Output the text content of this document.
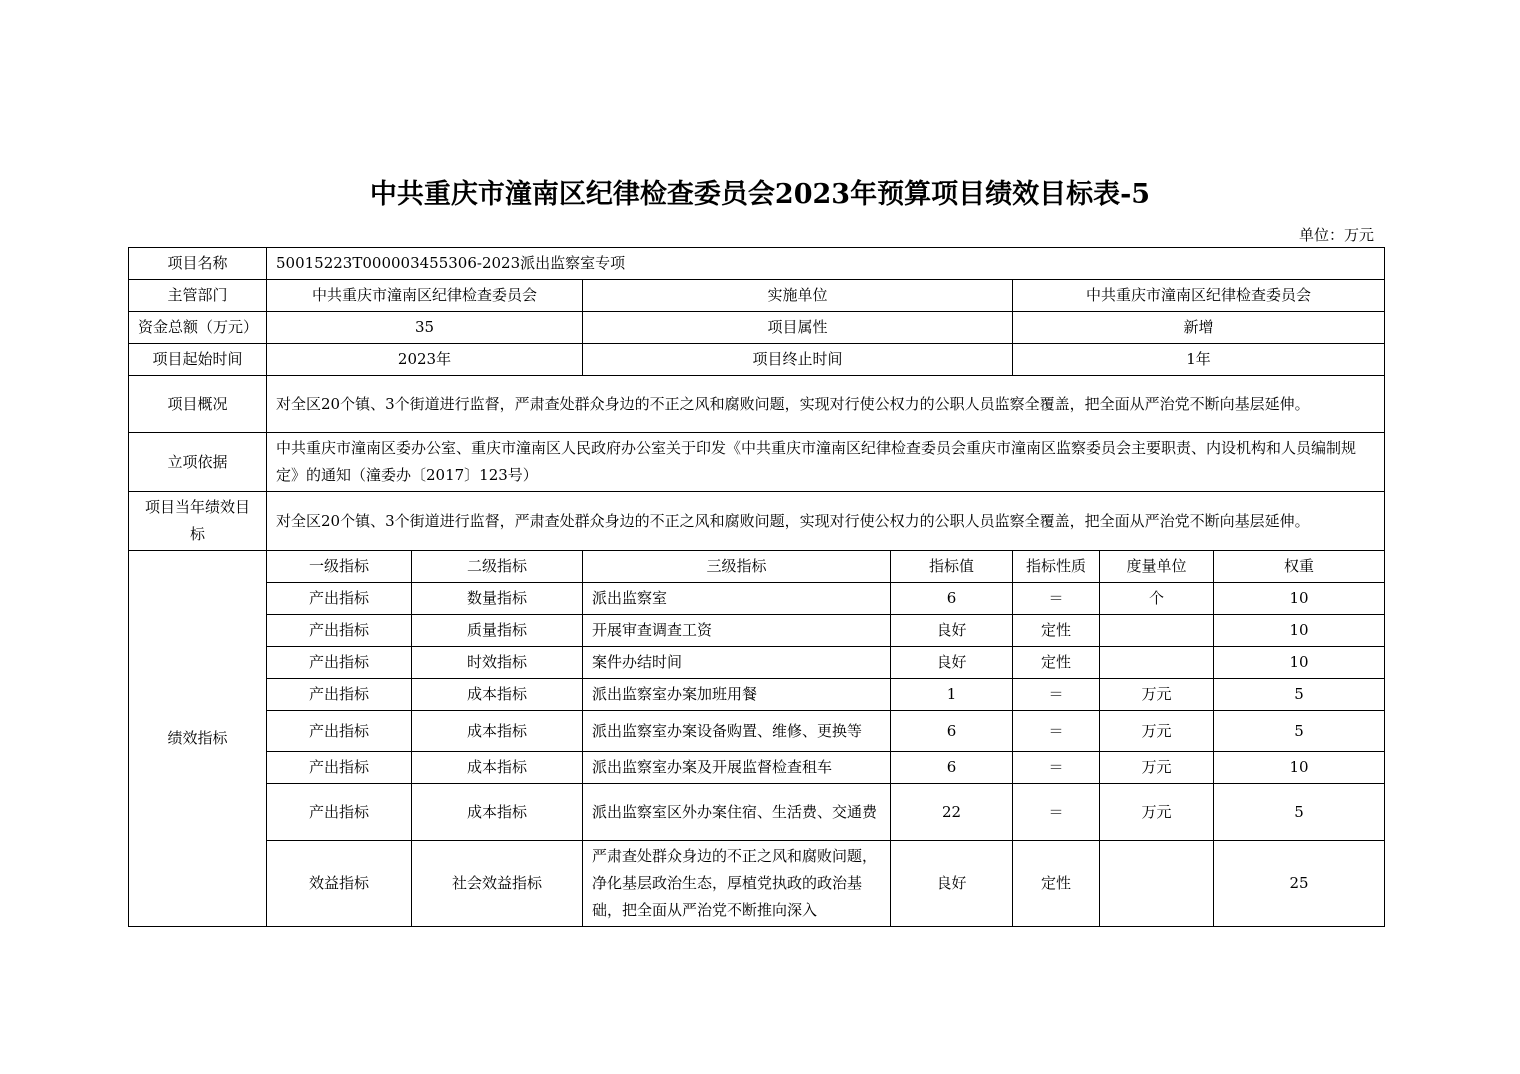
中共重庆市潼南区纪律检查委员会2023年预算项目绩效目标表-5
单位：万元
项目名称	50015223T000003455306-2023派出监察室专项						
主管部门	中共重庆市潼南区纪律检查委员会		实施单位		中共重庆市潼南区纪律检查委员会		
资金总额（万元）	35		项目属性		新增		
项目起始时间	2023年		项目终止时间		1年		
项目概况	对全区20个镇、3个街道进行监督，严肃查处群众身边的不正之风和腐败问题，实现对行使公权力的公职人员监察全覆盖，把全面从严治党不断向基层延伸。						
立项依据	中共重庆市潼南区委办公室、重庆市潼南区人民政府办公室关于印发《中共重庆市潼南区纪律检查委员会重庆市潼南区监察委员会主要职责、内设机构和人员编制规定》的通知（潼委办〔2017〕123号）						
项目当年绩效目标	对全区20个镇、3个街道进行监督，严肃查处群众身边的不正之风和腐败问题，实现对行使公权力的公职人员监察全覆盖，把全面从严治党不断向基层延伸。						
绩效指标	一级指标	二级指标	三级指标	指标值	指标性质	度量单位	权重
	产出指标	数量指标	派出监察室	6	＝	个	10
	产出指标	质量指标	开展审查调查工资	良好	定性		10
	产出指标	时效指标	案件办结时间	良好	定性		10
	产出指标	成本指标	派出监察室办案加班用餐	1	＝	万元	5
	产出指标	成本指标	派出监察室办案设备购置、维修、更换等	6	＝	万元	5
	产出指标	成本指标	派出监察室办案及开展监督检查租车	6	＝	万元	10
	产出指标	成本指标	派出监察室区外办案住宿、生活费、交通费	22	＝	万元	5
	效益指标	社会效益指标	严肃查处群众身边的不正之风和腐败问题，净化基层政治生态，厚植党执政的政治基础，把全面从严治党不断推向深入	良好	定性		25
